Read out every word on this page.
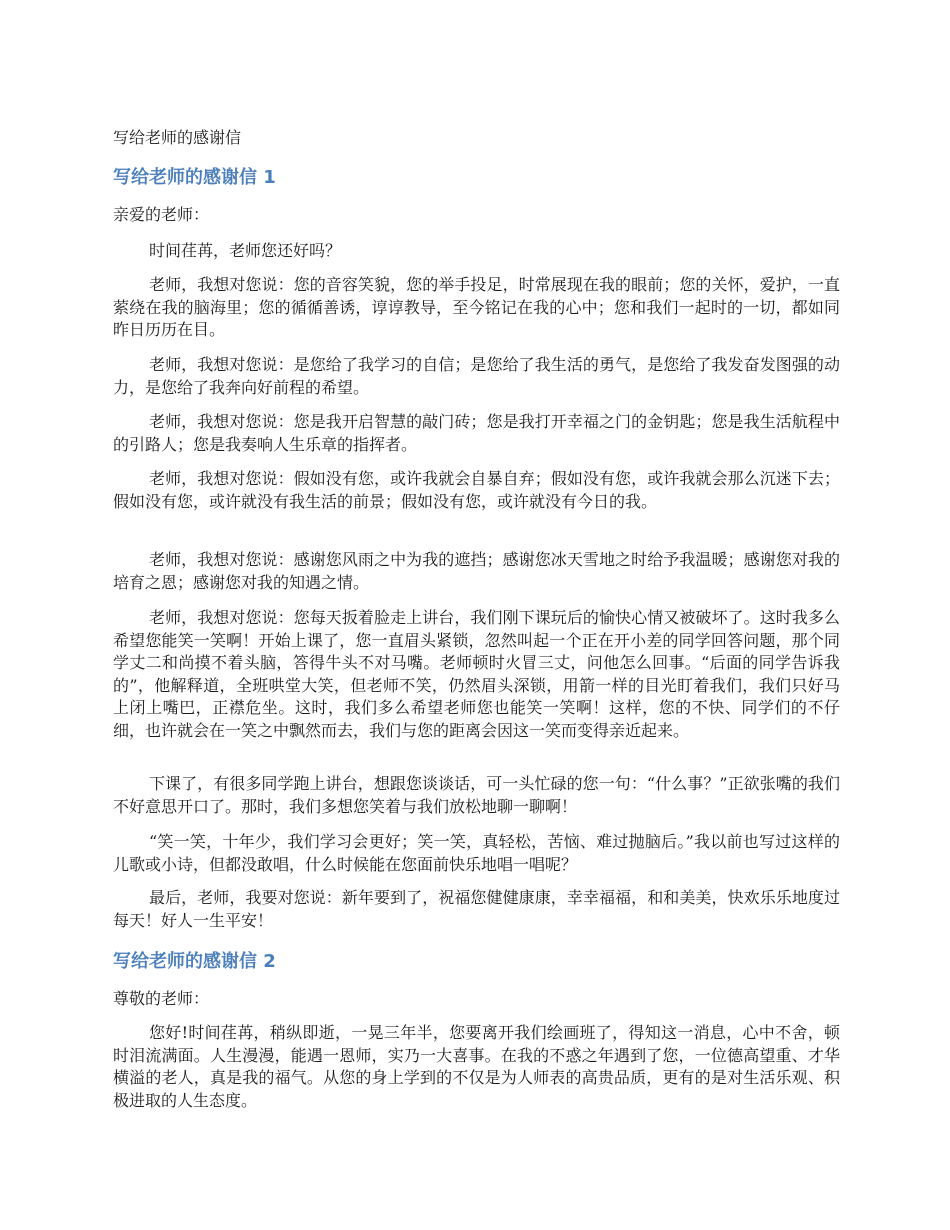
写给老师的感谢信

写给老师的感谢信 1

亲爱的老师：

时间荏苒，老师您还好吗？

老师，我想对您说：您的音容笑貌，您的举手投足，时常展现在我的眼前；您的关怀，爱护，一直萦绕在我的脑海里；您的循循善诱，谆谆教导，至今铭记在我的心中；您和我们一起时的一切，都如同昨日历历在目。

老师，我想对您说：是您给了我学习的自信；是您给了我生活的勇气，是您给了我发奋发图强的动力，是您给了我奔向好前程的希望。

老师，我想对您说：您是我开启智慧的敲门砖；您是我打开幸福之门的金钥匙；您是我生活航程中的引路人；您是我奏响人生乐章的指挥者。

老师，我想对您说：假如没有您，或许我就会自暴自弃；假如没有您，或许我就会那么沉迷下去；假如没有您，或许就没有我生活的前景；假如没有您，或许就没有今日的我。

老师，我想对您说：感谢您风雨之中为我的遮挡；感谢您冰天雪地之时给予我温暖；感谢您对我的培育之恩；感谢您对我的知遇之情。

老师，我想对您说：您每天扳着脸走上讲台，我们刚下课玩后的愉快心情又被破坏了。这时我多么希望您能笑一笑啊！开始上课了，您一直眉头紧锁，忽然叫起一个正在开小差的同学回答问题，那个同学丈二和尚摸不着头脑，答得牛头不对马嘴。老师顿时火冒三丈，问他怎么回事。“后面的同学告诉我的”，他解释道，全班哄堂大笑，但老师不笑，仍然眉头深锁，用箭一样的目光盯着我们，我们只好马上闭上嘴巴，正襟危坐。这时，我们多么希望老师您也能笑一笑啊！这样，您的不快、同学们的不仔细，也许就会在一笑之中飘然而去，我们与您的距离会因这一笑而变得亲近起来。

下课了，有很多同学跑上讲台，想跟您谈谈话，可一头忙碌的您一句：“什么事？”正欲张嘴的我们不好意思开口了。那时，我们多想您笑着与我们放松地聊一聊啊！

“笑一笑，十年少，我们学习会更好；笑一笑，真轻松，苦恼、难过抛脑后。”我以前也写过这样的儿歌或小诗，但都没敢唱，什么时候能在您面前快乐地唱一唱呢？

最后，老师，我要对您说：新年要到了，祝福您健健康康，幸幸福福，和和美美，快欢乐乐地度过每天！好人一生平安！

写给老师的感谢信 2

尊敬的老师：

您好!时间荏苒，稍纵即逝，一晃三年半，您要离开我们绘画班了，得知这一消息，心中不舍，顿时泪流满面。人生漫漫，能遇一恩师，实乃一大喜事。在我的不惑之年遇到了您，一位德高望重、才华横溢的老人，真是我的福气。从您的身上学到的不仅是为人师表的高贵品质，更有的是对生活乐观、积极进取的人生态度。
